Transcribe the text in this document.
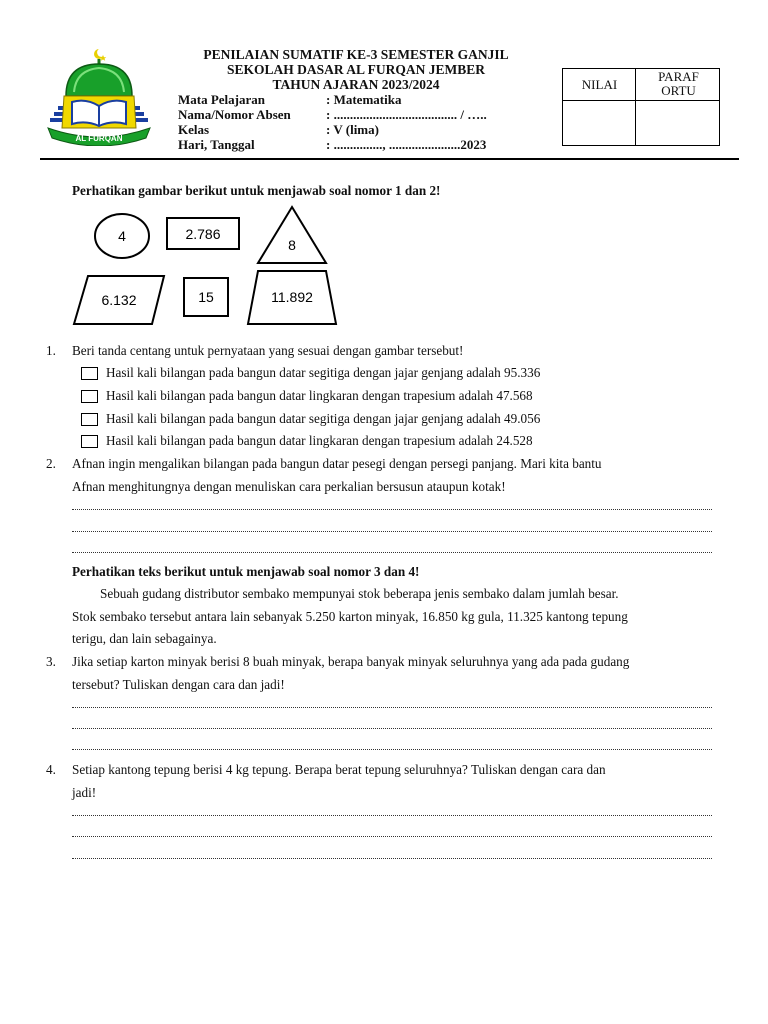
AL FURQAN
PENILAIAN SUMATIF KE-3 SEMESTER GANJIL
SEKOLAH DASAR AL FURQAN JEMBER
TAHUN AJARAN 2023/2024
Mata Pelajaran	: Matematika
Nama/Nomor Absen	: ...................................... / …..
Kelas	: V (lima)
Hari, Tanggal	: ..............., ......................2023
NILAI
PARAF
ORTU
Perhatikan gambar berikut untuk menjawab soal nomor 1 dan 2!
4	2.786
8
6.132	15	11.892
1. Beri tanda centang untuk pernyataan yang sesuai dengan gambar tersebut!
Hasil kali bilangan pada bangun datar segitiga dengan jajar genjang adalah 95.336
Hasil kali bilangan pada bangun datar lingkaran dengan trapesium adalah 47.568
Hasil kali bilangan pada bangun datar segitiga dengan jajar genjang adalah 49.056
Hasil kali bilangan pada bangun datar lingkaran dengan trapesium adalah 24.528
2. Afnan ingin mengalikan bilangan pada bangun datar pesegi dengan persegi panjang. Mari kita bantu
Afnan menghitungnya dengan menuliskan cara perkalian bersusun ataupun kotak!
Perhatikan teks berikut untuk menjawab soal nomor 3 dan 4!
Sebuah gudang distributor sembako mempunyai stok beberapa jenis sembako dalam jumlah besar.
Stok sembako tersebut antara lain sebanyak 5.250 karton minyak, 16.850 kg gula, 11.325 kantong tepung
terigu, dan lain sebagainya.
3. Jika setiap karton minyak berisi 8 buah minyak, berapa banyak minyak seluruhnya yang ada pada gudang
tersebut? Tuliskan dengan cara dan jadi!
4. Setiap kantong tepung berisi 4 kg tepung. Berapa berat tepung seluruhnya? Tuliskan dengan cara dan
jadi!
